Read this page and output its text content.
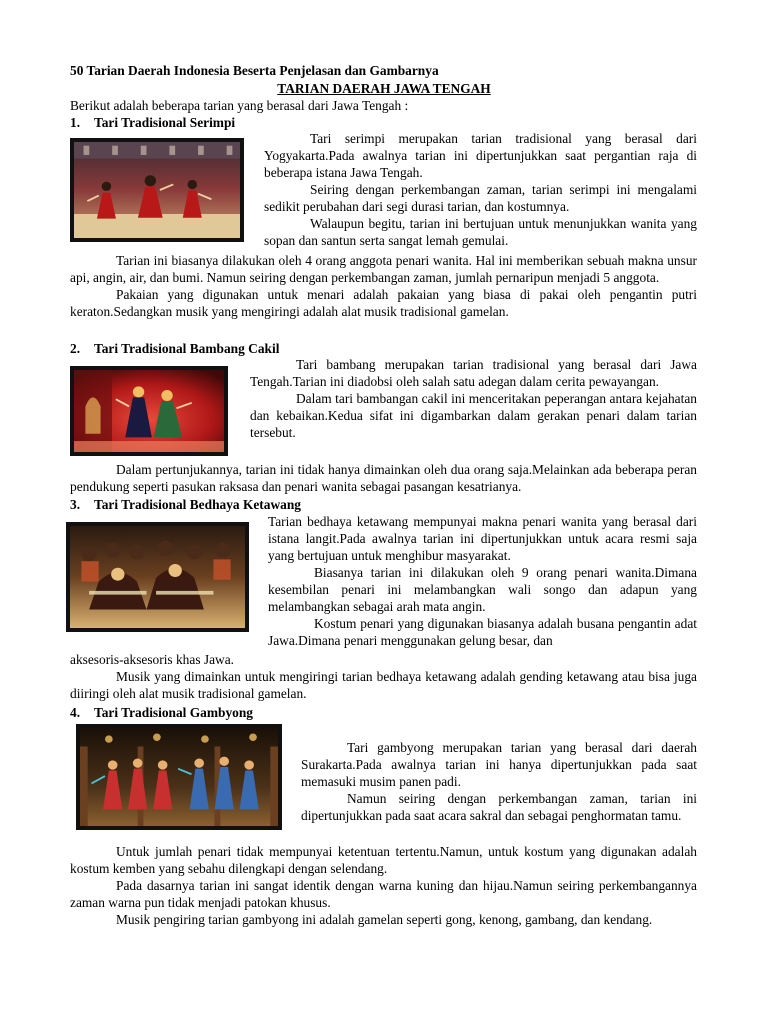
50 Tarian Daerah Indonesia Beserta Penjelasan dan Gambarnya
TARIAN DAERAH JAWA TENGAH
Berikut adalah beberapa tarian yang berasal dari Jawa Tengah :
1. Tari Tradisional Serimpi
Tari serimpi merupakan tarian tradisional yang berasal dari Yogyakarta.Pada awalnya tarian ini dipertunjukkan saat pergantian raja di beberapa istana Jawa Tengah.
Seiring dengan perkembangan zaman, tarian serimpi ini mengalami sedikit perubahan dari segi durasi tarian, dan kostumnya.
Walaupun begitu, tarian ini bertujuan untuk menunjukkan wanita yang sopan dan santun serta sangat lemah gemulai.
Tarian ini biasanya dilakukan oleh 4 orang anggota penari wanita. Hal ini memberikan sebuah makna unsur api, angin, air, dan bumi. Namun seiring dengan perkembangan zaman, jumlah pernaripun menjadi 5 anggota.
Pakaian yang digunakan untuk menari adalah pakaian yang biasa di pakai oleh pengantin putri keraton.Sedangkan musik yang mengiringi adalah alat musik tradisional gamelan.
2. Tari Tradisional Bambang Cakil
Tari bambang merupakan tarian tradisional yang berasal dari Jawa Tengah.Tarian ini diadobsi oleh salah satu adegan dalam cerita pewayangan.
Dalam tari bambangan cakil ini menceritakan peperangan antara kejahatan dan kebaikan.Kedua sifat ini digambarkan dalam gerakan penari dalam tarian tersebut.
Dalam pertunjukannya, tarian ini tidak hanya dimainkan oleh dua orang saja.Melainkan ada beberapa peran pendukung seperti pasukan raksasa dan penari wanita sebagai pasangan kesatrianya.
3. Tari Tradisional Bedhaya Ketawang
Tarian bedhaya ketawang mempunyai makna penari wanita yang berasal dari istana langit.Pada awalnya tarian ini dipertunjukkan untuk acara resmi saja yang bertujuan untuk menghibur masyarakat.
Biasanya tarian ini dilakukan oleh 9 orang penari wanita.Dimana kesembilan penari ini melambangkan wali songo dan adapun yang melambangkan sebagai arah mata angin.
Kostum penari yang digunakan biasanya adalah busana pengantin adat Jawa.Dimana penari menggunakan gelung besar, dan
aksesoris-aksesoris khas Jawa.
Musik yang dimainkan untuk mengiringi tarian bedhaya ketawang adalah gending ketawang atau bisa juga diiringi oleh alat musik tradisional gamelan.
4. Tari Tradisional Gambyong
Tari gambyong merupakan tarian yang berasal dari daerah Surakarta.Pada awalnya tarian ini hanya dipertunjukkan pada saat memasuki musim panen padi.
Namun seiring dengan perkembangan zaman, tarian ini dipertunjukkan pada saat acara sakral dan sebagai penghormatan tamu.
Untuk jumlah penari tidak mempunyai ketentuan tertentu.Namun, untuk kostum yang digunakan adalah kostum kemben yang sebahu dilengkapi dengan selendang.
Pada dasarnya tarian ini sangat identik dengan warna kuning dan hijau.Namun seiring perkembangannya zaman warna pun tidak menjadi patokan khusus.
Musik pengiring tarian gambyong ini adalah gamelan seperti gong, kenong, gambang, dan kendang.
